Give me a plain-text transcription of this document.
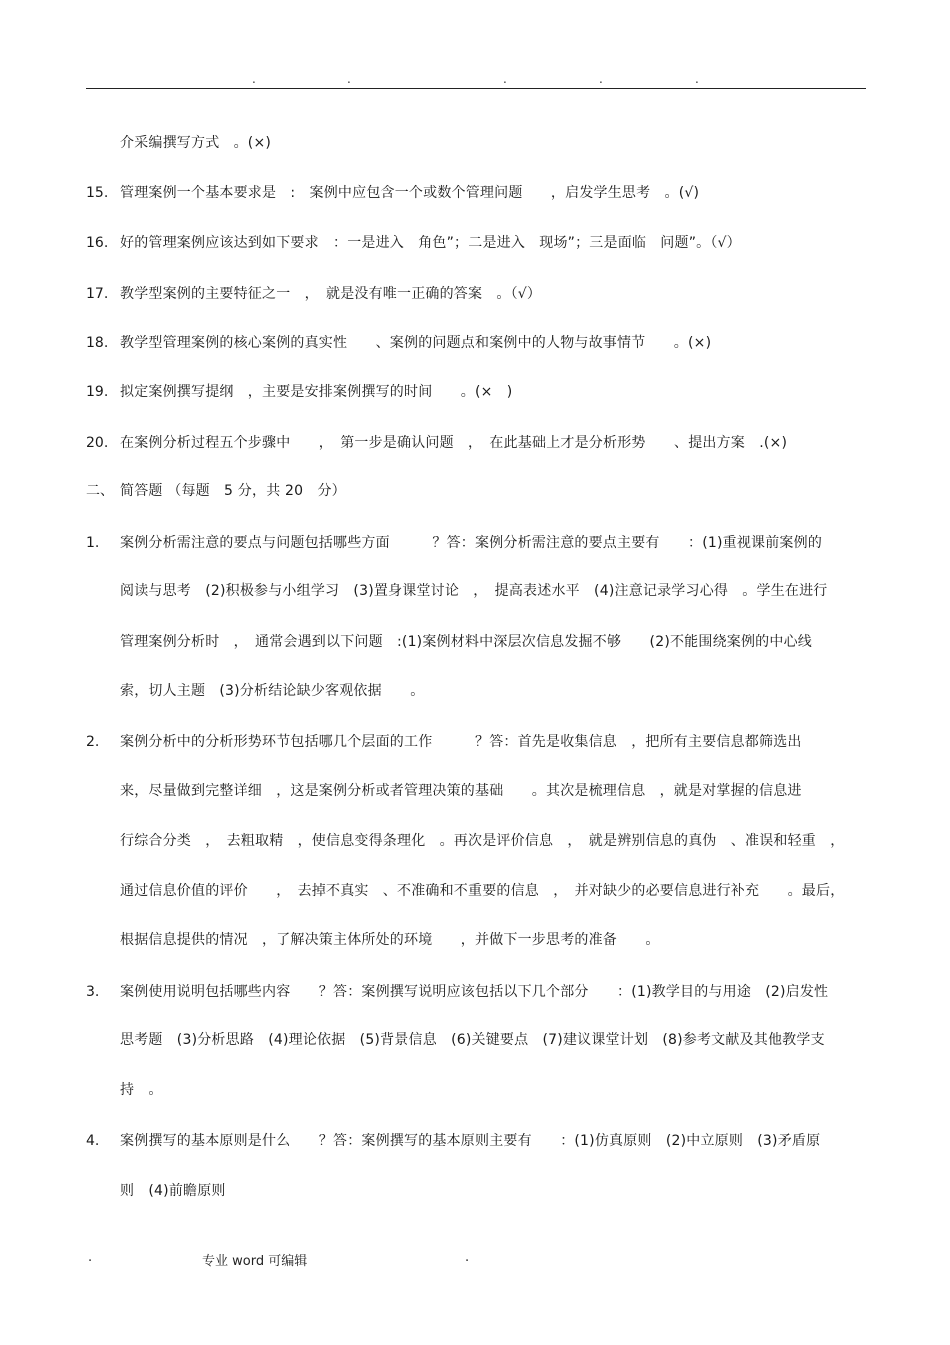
.	.	.	.	.
介采编撰写方式　。(×)
15. 管理案例一个基本要求是　:　案例中应包含一个或数个管理问题　　，启发学生思考　。(√)
16. 好的管理案例应该达到如下要求　：一是进入　角色”；二是进入　现场”；三是面临　问题”。（√）
17. 教学型案例的主要特征之一　，　就是没有唯一正确的答案　。（√）
18. 教学型管理案例的核心案例的真实性　　、案例的问题点和案例中的人物与故事情节　　。(×)
19. 拟定案例撰写提纲　，主要是安排案例撰写的时间　　。(×　)
20. 在案例分析过程五个步骤中　　，　第一步是确认问题　，　在此基础上才是分析形势　　、提出方案　.(×)
二、 简答题 （每题　5 分，共 20　分）
1. 案例分析需注意的要点与问题包括哪些方面　　　？答：案例分析需注意的要点主要有　　：(1)重视课前案例的
阅读与思考　(2)积极参与小组学习　(3)置身课堂讨论　，　提高表述水平　(4)注意记录学习心得　。学生在进行
管理案例分析时　，　通常会遇到以下问题　:(1)案例材料中深层次信息发掘不够　　(2)不能围绕案例的中心线
索，切人主题　(3)分析结论缺少客观依据　　。
2. 案例分析中的分析形势环节包括哪几个层面的工作　　　？答：首先是收集信息　，把所有主要信息都筛选出
来，尽量做到完整详细　，这是案例分析或者管理决策的基础　　。其次是梳理信息　，就是对掌握的信息进
行综合分类　，　去粗取精　，使信息变得条理化　。再次是评价信息　，　就是辨别信息的真伪　、准误和轻重　，
通过信息价值的评价　　，　去掉不真实　、不准确和不重要的信息　，　并对缺少的必要信息进行补充　　。最后，
根据信息提供的情况　，了解决策主体所处的环境　　，并做下一步思考的准备　　。
3. 案例使用说明包括哪些内容　　？答：案例撰写说明应该包括以下几个部分　　：(1)教学目的与用途　(2)启发性
思考题　(3)分析思路　(4)理论依据　(5)背景信息　(6)关键要点　(7)建议课堂计划　(8)参考文献及其他教学支
持　。
4. 案例撰写的基本原则是什么　　？答：案例撰写的基本原则主要有　　：(1)仿真原则　(2)中立原则　(3)矛盾原
则　(4)前瞻原则
.	专业 word 可编辑	.
